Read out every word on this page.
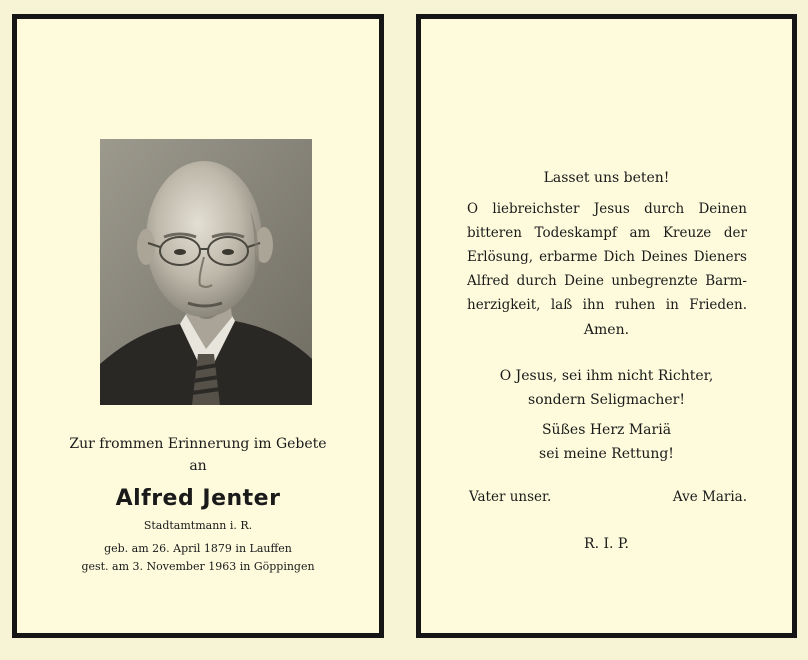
Zur frommen Erinnerung im Gebete
an
Alfred Jenter
Stadtamtmann i. R.
geb. am 26. April 1879 in Lauffen
gest. am 3. November 1963 in Göppingen
Lasset uns beten!
O liebreichster Jesus durch Deinen
bitteren Todeskampf am Kreuze der
Erlösung, erbarme Dich Deines Dieners
Alfred durch Deine unbegrenzte Barm-
herzigkeit, laß ihn ruhen in Frieden.
Amen.
O Jesus, sei ihm nicht Richter,
sondern Seligmacher!
Süßes Herz Mariä
sei meine Rettung!
Vater unser.	Ave Maria.
R. I. P.
